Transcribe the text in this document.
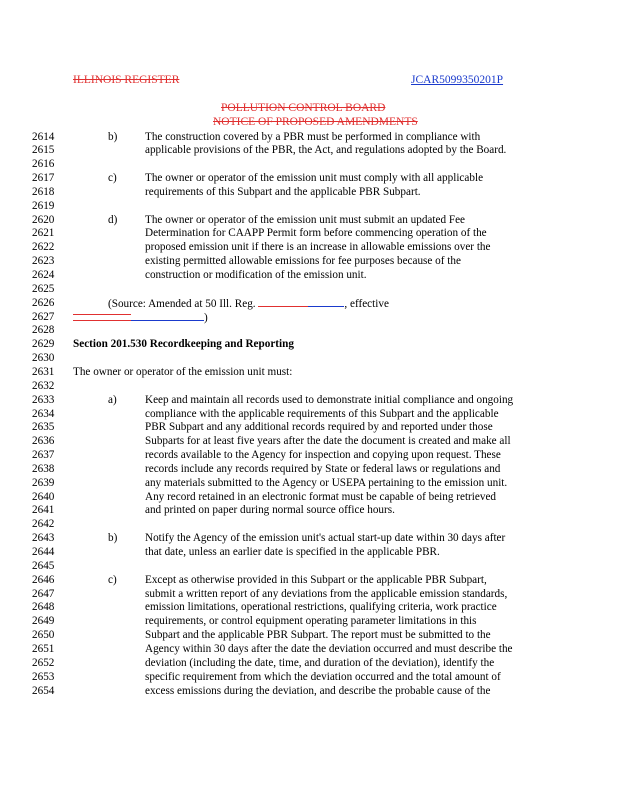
ILLINOIS REGISTER	JCAR5099350201P
POLLUTION CONTROL BOARD
NOTICE OF PROPOSED AMENDMENTS
2614	b) The construction covered by a PBR must be performed in compliance with
2615	applicable provisions of the PBR, the Act, and regulations adopted by the Board.
2616
2617	c)	The owner or operator of the emission unit must comply with all applicable
2618	requirements of this Subpart and the applicable PBR Subpart.
2619
2620	d) The owner or operator of the emission unit must submit an updated Fee
2621	Determination for CAAPP Permit form before commencing operation of the
2622	proposed emission unit if there is an increase in allowable emissions over the
2623	existing permitted allowable emissions for fee purposes because of the
2624	construction or modification of the emission unit.
2625
2626	(Source: Amended at 50 Ill. Reg.	, effective
2627	)
2628
2629	Section 201.530 Recordkeeping and Reporting
2630
2631	The owner or operator of the emission unit must:
2632
2633	a)	Keep and maintain all records used to demonstrate initial compliance and ongoing
2634	compliance with the applicable requirements of this Subpart and the applicable
2635	PBR Subpart and any additional records required by and reported under those
2636	Subparts for at least five years after the date the document is created and make all
2637	records available to the Agency for inspection and copying upon request. These
2638	records include any records required by State or federal laws or regulations and
2639	any materials submitted to the Agency or USEPA pertaining to the emission unit.
2640	Any record retained in an electronic format must be capable of being retrieved
2641	and printed on paper during normal source office hours.
2642
2643	b) Notify the Agency of the emission unit's actual start-up date within 30 days after
2644	that date, unless an earlier date is specified in the applicable PBR.
2645
2646	c)	Except as otherwise provided in this Subpart or the applicable PBR Subpart,
2647	submit a written report of any deviations from the applicable emission standards,
2648	emission limitations, operational restrictions, qualifying criteria, work practice
2649	requirements, or control equipment operating parameter limitations in this
2650	Subpart and the applicable PBR Subpart. The report must be submitted to the
2651	Agency within 30 days after the date the deviation occurred and must describe the
2652	deviation (including the date, time, and duration of the deviation), identify the
2653	specific requirement from which the deviation occurred and the total amount of
2654	excess emissions during the deviation, and describe the probable cause of the
